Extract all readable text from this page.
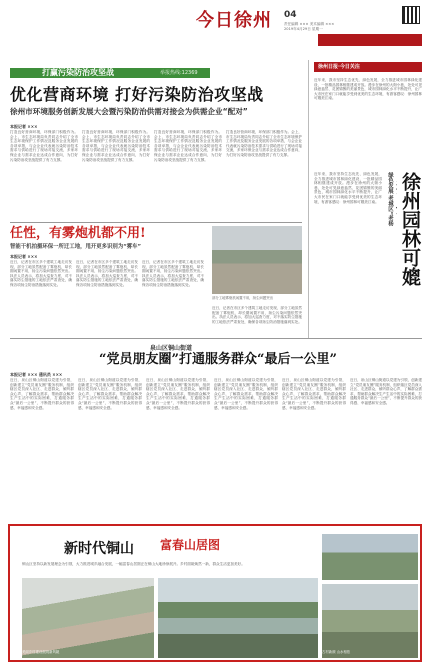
今日徐州 04
责任编辑 ××× 美术编辑 ×××
2019年4月29日 星期一
打赢污染防治攻坚战	举报热线:12369
优化营商环境 打好污染防治攻坚战
徐州市环境服务创新发展大会暨污染防治供需对接会为供需企业“配对”
本报记者 ×××
打造良好营商环境，环保部门积极作为。会上，市生态环境局负责同志介绍了全市生态环境保护工作情况及服务企业发展的各项举措，与会企业代表就污染防治技术需求与供给进行了现场对接交流，多家环保企业与需求企业达成合作意向，为打好污染防治攻坚战提供了有力支撑。
打造良好营商环境，环保部门积极作为。会上，市生态环境局负责同志介绍了全市生态环境保护工作情况及服务企业发展的各项举措，与会企业代表就污染防治技术需求与供给进行了现场对接交流，多家环保企业与需求企业达成合作意向，为打好污染防治攻坚战提供了有力支撑。
打造良好营商环境，环保部门积极作为。会上，市生态环境局负责同志介绍了全市生态环境保护工作情况及服务企业发展的各项举措，与会企业代表就污染防治技术需求与供给进行了现场对接交流，多家环保企业与需求企业达成合作意向，为打好污染防治攻坚战提供了有力支撑。
打造良好营商环境，环保部门积极作为。会上，市生态环境局负责同志介绍了全市生态环境保护工作情况及服务企业发展的各项举措，与会企业代表就污染防治技术需求与供给进行了现场对接交流，多家环保企业与需求企业达成合作意向，为打好污染防治攻坚战提供了有力支撑。
任性，有雾炮机都不用!
智能干机拍摄环保一所迁工地，甩开更多识别为“雾车”
本报记者 ×××
近日，记者在市区多个建筑工地走访发现，部分工地虽然配备了雾炮机，却长期闲置不用，扬尘污染问题依然突出。执法人员表示，将加大巡查力度，对不落实防尘措施的工地依法严肃查处，确保各项扬尘防治措施落到实处。
近日，记者在市区多个建筑工地走访发现，部分工地虽然配备了雾炮机，却长期闲置不用，扬尘污染问题依然突出。执法人员表示，将加大巡查力度，对不落实防尘措施的工地依法严肃查处，确保各项扬尘防治措施落到实处。
近日，记者在市区多个建筑工地走访发现，部分工地虽然配备了雾炮机，却长期闲置不用，扬尘污染问题依然突出。执法人员表示，将加大巡查力度，对不落实防尘措施的工地依法严肃查处，确保各项扬尘防治措施落到实处。
部分工地雾炮机闲置不用，扬尘问题突出
近日，记者在市区多个建筑工地走访发现，部分工地虽然配备了雾炮机，却长期闲置不用，扬尘污染问题依然突出。执法人员表示，将加大巡查力度，对不落实防尘措施的工地依法严肃查处，确保各项扬尘防治措施落到实处。
徐州日报·今日关注
近年来，我市坚持生态优先、绿色发展，全力推进城市园林绿化建设，一批精品园林相继建成开放。漫步在徐州的大街小巷，处处可见绿意盎然、花团锦簇的美丽景色，城市园林绿化水平不断提升，让广大市民在家门口就能享受到优美的生态环境，有游客感叹：徐州园林可媲美江南。
绿色发展 老城区“老杨
徐州园林可媲
近年来，我市坚持生态优先、绿色发展，全力推进城市园林绿化建设，一批精品园林相继建成开放。漫步在徐州的大街小巷，处处可见绿意盎然、花团锦簇的美丽景色，城市园林绿化水平不断提升，让广大市民在家门口就能享受到优美的生态环境，有游客感叹：徐州园林可媲美江南。
泉山区铜山街道
“党员朋友圈”打通服务群众“最后一公里”
本报记者 ××× 通讯员 ×××
近日，泉山区铜山街道以党建为引领，创新建立“党员朋友圈”服务机制，组织辖区党员深入社区、走进群众，倾听群众心声，了解群众需求，帮助群众解决生产生活中的实际困难，打通服务群众“最后一公里”，不断提升群众的获得感、幸福感和安全感。
近日，泉山区铜山街道以党建为引领，创新建立“党员朋友圈”服务机制，组织辖区党员深入社区、走进群众，倾听群众心声，了解群众需求，帮助群众解决生产生活中的实际困难，打通服务群众“最后一公里”，不断提升群众的获得感、幸福感和安全感。
近日，泉山区铜山街道以党建为引领，创新建立“党员朋友圈”服务机制，组织辖区党员深入社区、走进群众，倾听群众心声，了解群众需求，帮助群众解决生产生活中的实际困难，打通服务群众“最后一公里”，不断提升群众的获得感、幸福感和安全感。
近日，泉山区铜山街道以党建为引领，创新建立“党员朋友圈”服务机制，组织辖区党员深入社区、走进群众，倾听群众心声，了解群众需求，帮助群众解决生产生活中的实际困难，打通服务群众“最后一公里”，不断提升群众的获得感、幸福感和安全感。
近日，泉山区铜山街道以党建为引领，创新建立“党员朋友圈”服务机制，组织辖区党员深入社区、走进群众，倾听群众心声，了解群众需求，帮助群众解决生产生活中的实际困难，打通服务群众“最后一公里”，不断提升群众的获得感、幸福感和安全感。
近日，泉山区铜山街道以党建为引领，创新建立“党员朋友圈”服务机制，组织辖区党员深入社区、走进群众，倾听群众心声，了解群众需求，帮助群众解决生产生活中的实际困难，打通服务群众“最后一公里”，不断提升群众的获得感、幸福感和安全感。
新时代铜山 富春山居图
铜山区坚持以新发展理念为引领，大力推进城乡融合发展，一幅富春山居图正在铜山大地徐徐展开。乡村面貌焕然一新，群众生活更加美好。
美丽乡村建设展现新风貌	古村新颜 山水相依
